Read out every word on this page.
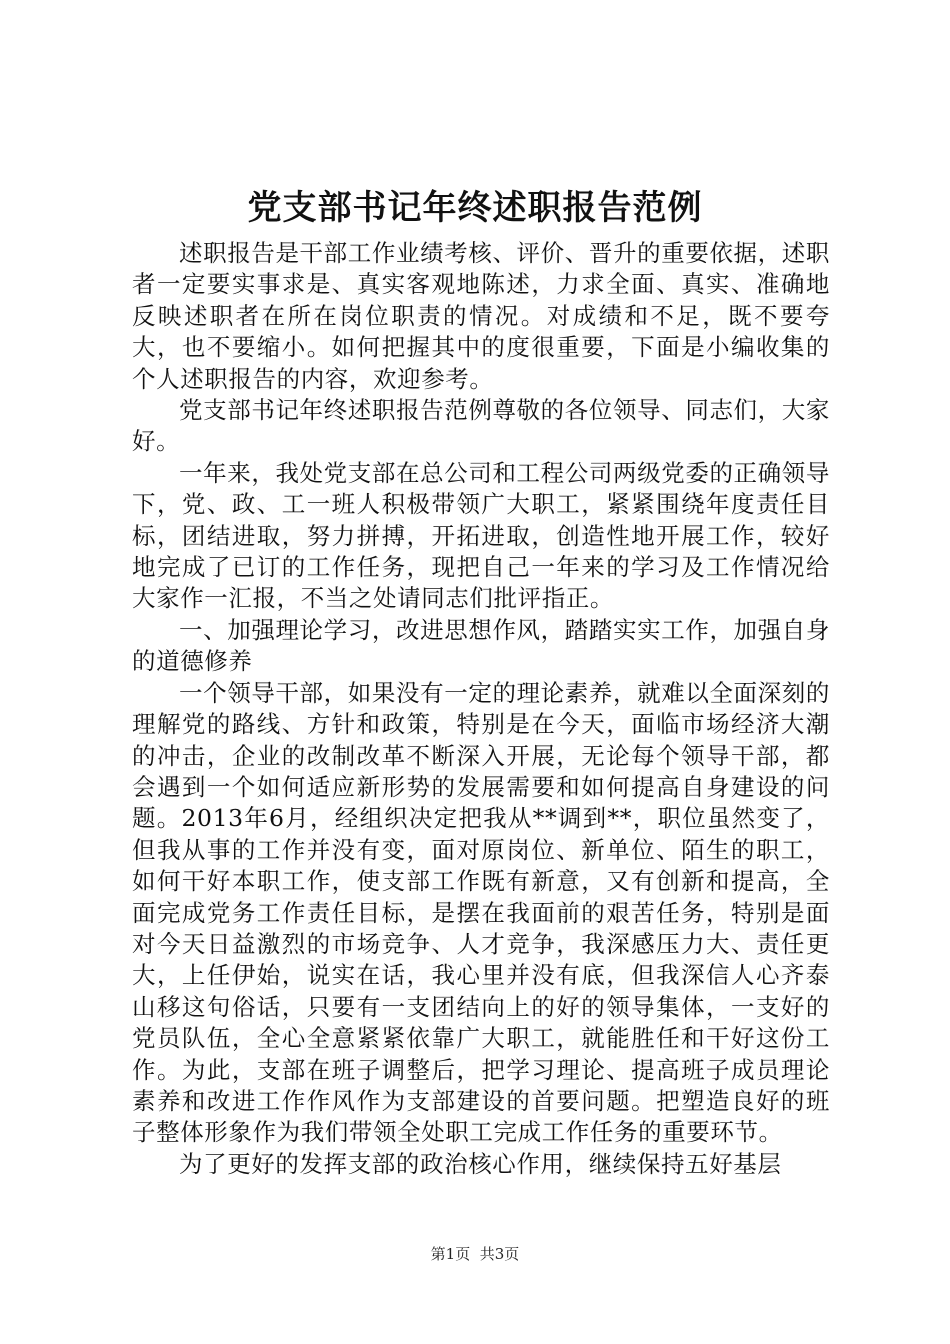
党支部书记年终述职报告范例

述职报告是干部工作业绩考核、评价、晋升的重要依据，述职者一定要实事求是、真实客观地陈述，力求全面、真实、准确地反映述职者在所在岗位职责的情况。对成绩和不足，既不要夸大，也不要缩小。如何把握其中的度很重要，下面是小编收集的个人述职报告的内容，欢迎参考。

党支部书记年终述职报告范例尊敬的各位领导、同志们，大家好。

一年来，我处党支部在总公司和工程公司两级党委的正确领导下，党、政、工一班人积极带领广大职工，紧紧围绕年度责任目标，团结进取，努力拼搏，开拓进取，创造性地开展工作，较好地完成了已订的工作任务，现把自己一年来的学习及工作情况给大家作一汇报，不当之处请同志们批评指正。

一、加强理论学习，改进思想作风，踏踏实实工作，加强自身的道德修养

一个领导干部，如果没有一定的理论素养，就难以全面深刻的理解党的路线、方针和政策，特别是在今天，面临市场经济大潮的冲击，企业的改制改革不断深入开展，无论每个领导干部，都会遇到一个如何适应新形势的发展需要和如何提高自身建设的问题。2013年6月，经组织决定把我从**调到**，职位虽然变了，但我从事的工作并没有变，面对原岗位、新单位、陌生的职工，如何干好本职工作，使支部工作既有新意，又有创新和提高，全面完成党务工作责任目标，是摆在我面前的艰苦任务，特别是面对今天日益激烈的市场竞争、人才竞争，我深感压力大、责任更大，上任伊始，说实在话，我心里并没有底，但我深信人心齐泰山移这句俗话，只要有一支团结向上的好的领导集体，一支好的党员队伍，全心全意紧紧依靠广大职工，就能胜任和干好这份工作。为此，支部在班子调整后，把学习理论、提高班子成员理论素养和改进工作作风作为支部建设的首要问题。把塑造良好的班子整体形象作为我们带领全处职工完成工作任务的重要环节。

为了更好的发挥支部的政治核心作用，继续保持五好基层

第1页 共3页
